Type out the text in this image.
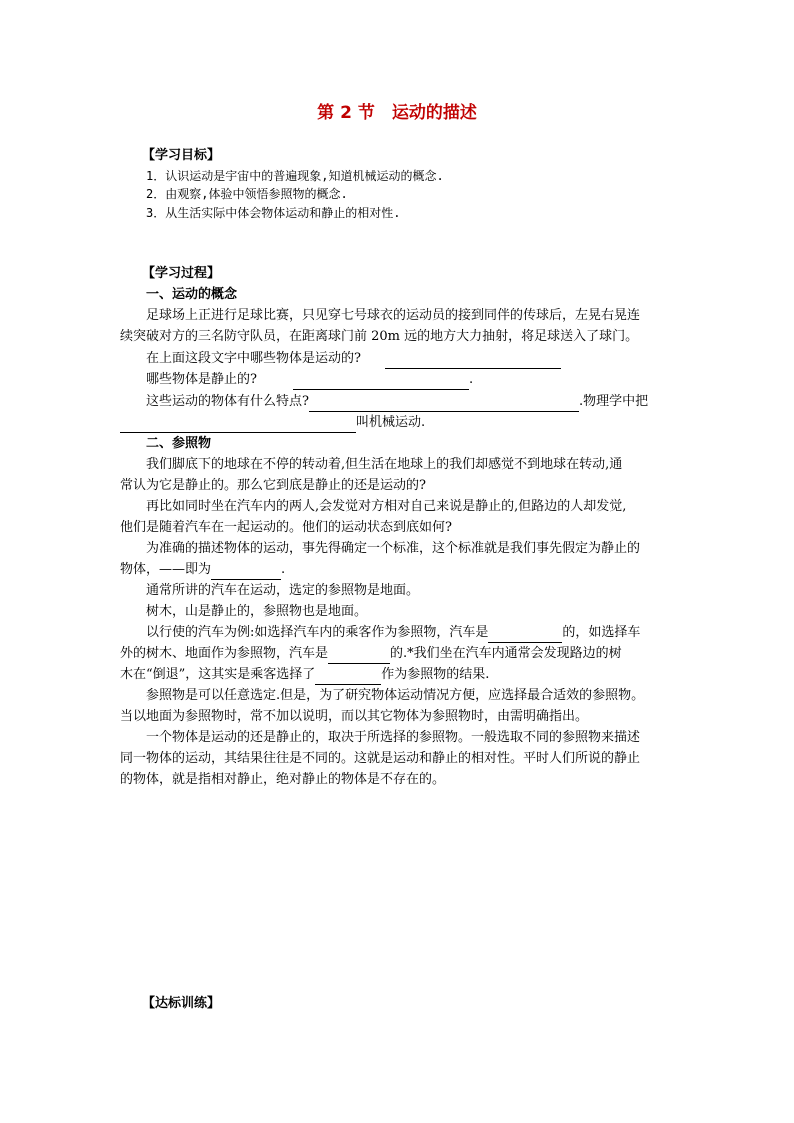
第 2 节　运动的描述
【学习目标】
1．认识运动是宇宙中的普遍现象,知道机械运动的概念.
2．由观察,体验中领悟参照物的概念.
3．从生活实际中体会物体运动和静止的相对性.
【学习过程】
一、运动的概念
足球场上正进行足球比赛，只见穿七号球衣的运动员的接到同伴的传球后，左晃右晃连
续突破对方的三名防守队员，在距离球门前 20m 远的地方大力抽射，将足球送入了球门。
在上面这段文字中哪些物体是运动的?
哪些物体是静止的?	.
这些运动的物体有什么特点?	.物理学中把
叫机械运动.
二、参照物
我们脚底下的地球在不停的转动着,但生活在地球上的我们却感觉不到地球在转动,通
常认为它是静止的。那么它到底是静止的还是运动的?
再比如同时坐在汽车内的两人,会发觉对方相对自己来说是静止的,但路边的人却发觉,
他们是随着汽车在一起运动的。他们的运动状态到底如何?
为准确的描述物体的运动，事先得确定一个标准，这个标准就是我们事先假定为静止的
物体，——即为	.
通常所讲的汽车在运动，选定的参照物是地面。
树木，山是静止的，参照物也是地面。
以行使的汽车为例:如选择汽车内的乘客作为参照物，汽车是	的，如选择车
外的树木、地面作为参照物，汽车是	的.*我们坐在汽车内通常会发现路边的树
木在“倒退”，这其实是乘客选择了	作为参照物的结果.
参照物是可以任意选定.但是，为了研究物体运动情况方便，应选择最合适效的参照物。
当以地面为参照物时，常不加以说明，而以其它物体为参照物时，由需明确指出。
一个物体是运动的还是静止的，取决于所选择的参照物。一般选取不同的参照物来描述
同一物体的运动，其结果往往是不同的。这就是运动和静止的相对性。平时人们所说的静止
的物体，就是指相对静止，绝对静止的物体是不存在的。
【达标训练】
